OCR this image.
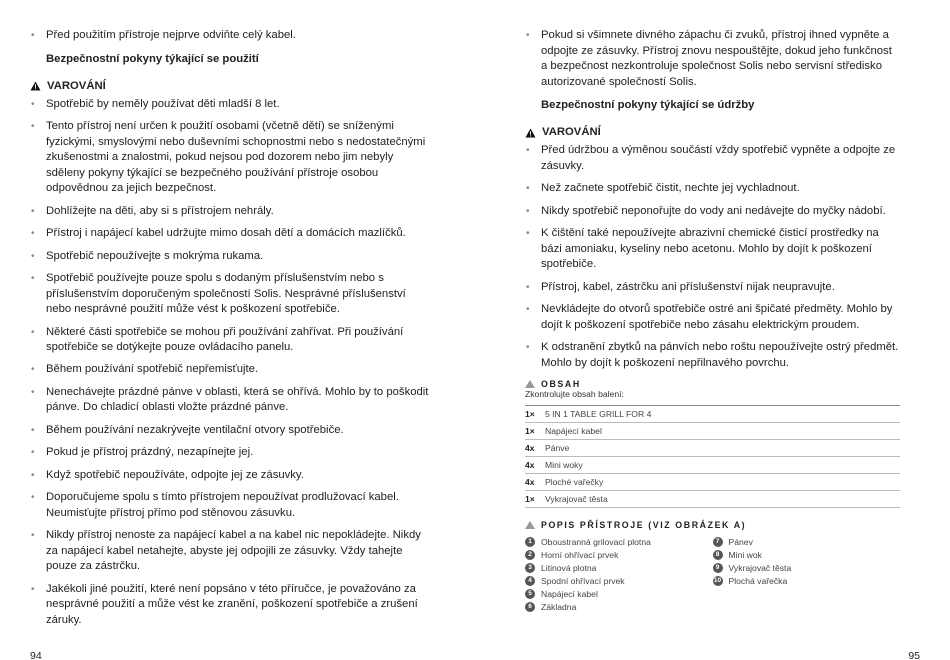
• Před použitím přístroje nejprve odviňte celý kabel.
Bezpečnostní pokyny týkající se použití
VAROVÁNÍ
• Spotřebič by neměly používat děti mladší 8 let.
• Tento přístroj není určen k použití osobami (včetně dětí) se sníženými fyzickými, smyslovými nebo duševními schopnostmi nebo s nedostatečnými zkušenostmi a znalostmi, pokud nejsou pod dozorem nebo jim nebyly sděleny pokyny týkající se bezpečného používání přístroje osobou odpovědnou za jejich bezpečnost.
• Dohlížejte na děti, aby si s přístrojem nehrály.
• Přístroj i napájecí kabel udržujte mimo dosah dětí a domácích mazlíčků.
• Spotřebič nepoužívejte s mokrýma rukama.
• Spotřebič používejte pouze spolu s dodaným příslušenstvím nebo s příslušenstvím doporučeným společností Solis. Nesprávné příslušenství nebo nesprávné použití může vést k poškození spotřebiče.
• Některé části spotřebiče se mohou při používání zahřívat. Při používání spotřebiče se dotýkejte pouze ovládacího panelu.
• Během používání spotřebič nepřemisťujte.
• Nenechávejte prázdné pánve v oblasti, která se ohřívá. Mohlo by to poškodit pánve. Do chladicí oblasti vložte prázdné pánve.
• Během používání nezakrývejte ventilační otvory spotřebiče.
• Pokud je přístroj prázdný, nezapínejte jej.
• Když spotřebič nepoužíváte, odpojte jej ze zásuvky.
• Doporučujeme spolu s tímto přístrojem nepoužívat prodlužovací kabel. Neumisťujte přístroj přímo pod stěnovou zásuvku.
• Nikdy přístroj nenoste za napájecí kabel a na kabel nic nepokládejte. Nikdy za napájecí kabel netahejte, abyste jej odpojili ze zásuvky. Vždy tahejte pouze za zástrčku.
• Jakékoli jiné použití, které není popsáno v této příručce, je považováno za nesprávné použití a může vést ke zranění, poškození spotřebiče a zrušení záruky.
94
• Pokud si všimnete divného zápachu či zvuků, přístroj ihned vypněte a odpojte ze zásuvky. Přístroj znovu nespouštějte, dokud jeho funkčnost a bezpečnost nezkontroluje společnost Solis nebo servisní středisko autorizované společností Solis.
Bezpečnostní pokyny týkající se údržby
VAROVÁNÍ
• Před údržbou a výměnou součástí vždy spotřebič vypněte a odpojte ze zásuvky.
• Než začnete spotřebič čistit, nechte jej vychladnout.
• Nikdy spotřebič neponořujte do vody ani nedávejte do myčky nádobí.
• K čištění také nepoužívejte abrazivní chemické čisticí prostředky na bázi amoniaku, kyseliny nebo acetonu. Mohlo by dojít k poškození spotřebiče.
• Přístroj, kabel, zástrčku ani příslušenství nijak neupravujte.
• Nevkládejte do otvorů spotřebiče ostré ani špičaté předměty. Mohlo by dojít k poškození spotřebiče nebo zásahu elektrickým proudem.
• K odstranění zbytků na pánvích nebo roštu nepoužívejte ostrý předmět. Mohlo by dojít k poškození nepřilnavého povrchu.
OBSAH
Zkontrolujte obsah balení:
1×	5 IN 1 TABLE GRILL FOR 4
1×	Napájecí kabel
4x	Pánve
4x	Mini woky
4x	Ploché vařečky
1×	Vykrajovač těsta
POPIS PŘÍSTROJE (VIZ OBRÁZEK A)
1	Oboustranná grilovací plotna
2	Horní ohřívací prvek
3	Litinová plotna
4	Spodní ohřívací prvek
5	Napájecí kabel
6	Základna
7	Pánev
8	Mini wok
9	Vykrajovač těsta
10 Plochá vařečka
95
